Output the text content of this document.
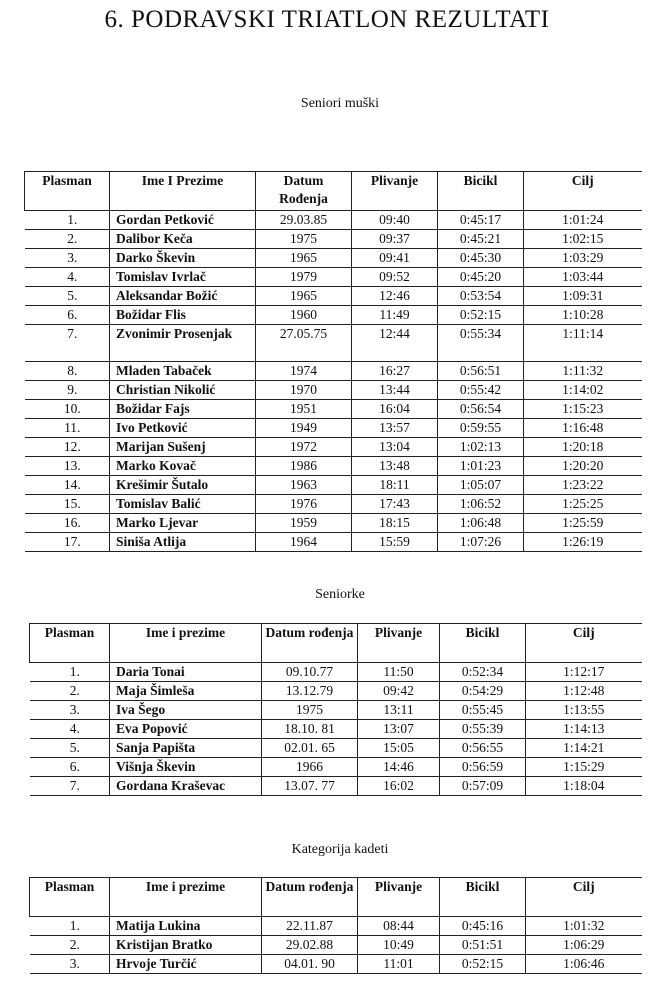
6. PODRAVSKI TRIATLON REZULTATI
Seniori muški
Plasman	Ime I Prezime	Datum Rođenja	Plivanje	Bicikl	Cilj
1.	Gordan Petković	29.03.85	09:40	0:45:17	1:01:24
2.	Dalibor Keča	1975	09:37	0:45:21	1:02:15
3.	Darko Škevin	1965	09:41	0:45:30	1:03:29
4.	Tomislav Ivrlač	1979	09:52	0:45:20	1:03:44
5.	Aleksandar Božić	1965	12:46	0:53:54	1:09:31
6.	Božidar Flis	1960	11:49	0:52:15	1:10:28
7.	Zvonimir Prosenjak	27.05.75	12:44	0:55:34	1:11:14
8.	Mladen Tabaček	1974	16:27	0:56:51	1:11:32
9.	Christian Nikolić	1970	13:44	0:55:42	1:14:02
10.	Božidar Fajs	1951	16:04	0:56:54	1:15:23
11.	Ivo Petković	1949	13:57	0:59:55	1:16:48
12.	Marijan Sušenj	1972	13:04	1:02:13	1:20:18
13.	Marko Kovač	1986	13:48	1:01:23	1:20:20
14.	Krešimir Šutalo	1963	18:11	1:05:07	1:23:22
15.	Tomislav Balić	1976	17:43	1:06:52	1:25:25
16.	Marko Ljevar	1959	18:15	1:06:48	1:25:59
17.	Siniša Atlija	1964	15:59	1:07:26	1:26:19
Seniorke
Plasman	Ime i prezime	Datum rođenja	Plivanje	Bicikl	Cilj
1.	Daria Tonai	09.10.77	11:50	0:52:34	1:12:17
2.	Maja Šimleša	13.12.79	09:42	0:54:29	1:12:48
3.	Iva Šego	1975	13:11	0:55:45	1:13:55
4.	Eva Popović	18.10. 81	13:07	0:55:39	1:14:13
5.	Sanja Papišta	02.01. 65	15:05	0:56:55	1:14:21
6.	Višnja Škevin	1966	14:46	0:56:59	1:15:29
7.	Gordana Kraševac	13.07. 77	16:02	0:57:09	1:18:04
Kategorija kadeti
Plasman	Ime i prezime	Datum rođenja	Plivanje	Bicikl	Cilj
1.	Matija Lukina	22.11.87	08:44	0:45:16	1:01:32
2.	Kristijan Bratko	29.02.88	10:49	0:51:51	1:06:29
3.	Hrvoje Turčić	04.01. 90	11:01	0:52:15	1:06:46
